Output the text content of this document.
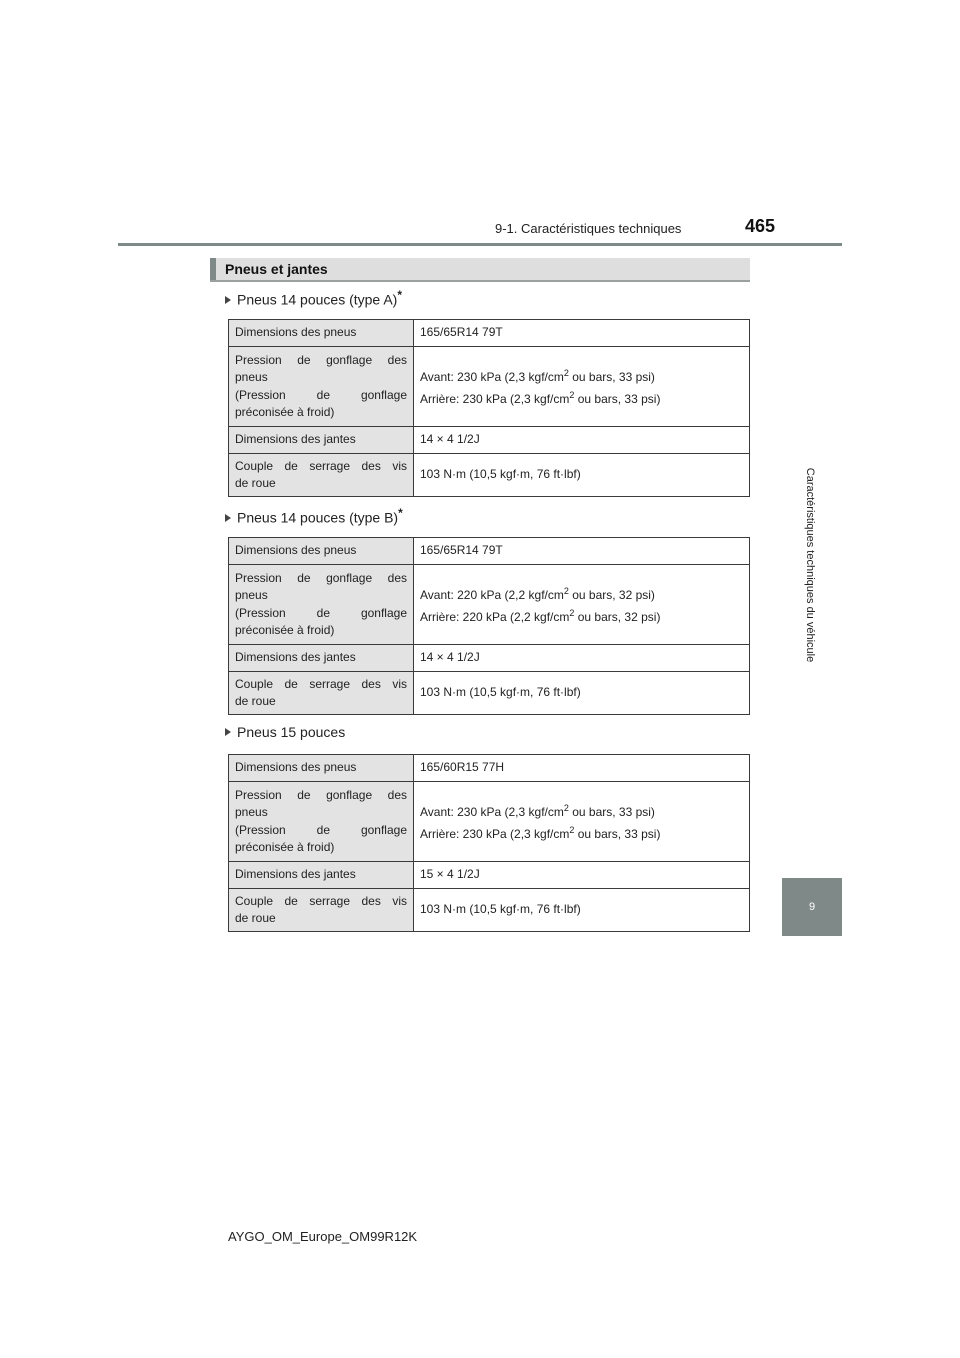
9-1. Caractéristiques techniques	465
Caractéristiques techniques du véhicule
9
Pneus et jantes
Pneus 14 pouces (type A)*
Dimensions des pneus	165/65R14 79T

Pression de gonflage des
pneus
(Pression de gonflage
préconisée à froid)	Avant: 230 kPa (2,3 kgf/$cm^2$ ou bars, 33 psi)
Arrière: 230 kPa (2,3 kgf/$cm^2$ ou bars, 33 psi)

Dimensions des jantes	14 × 4 1/2J

Couple de serrage des vis
de roue	103 N·m (10,5 kgf·m, 76 ft·lbf)
Pneus 14 pouces (type B)*
Dimensions des pneus	165/65R14 79T

Pression de gonflage des
pneus
(Pression de gonflage
préconisée à froid)	Avant: 220 kPa (2,2 kgf/$cm^2$ ou bars, 32 psi)
Arrière: 220 kPa (2,2 kgf/$cm^2$ ou bars, 32 psi)

Dimensions des jantes	14 × 4 1/2J

Couple de serrage des vis
de roue	103 N·m (10,5 kgf·m, 76 ft·lbf)
Pneus 15 pouces
Dimensions des pneus	165/60R15 77H

Pression de gonflage des
pneus
(Pression de gonflage
préconisée à froid)	Avant: 230 kPa (2,3 kgf/$cm^2$ ou bars, 33 psi)
Arrière: 230 kPa (2,3 kgf/$cm^2$ ou bars, 33 psi)

Dimensions des jantes	15 × 4 1/2J

Couple de serrage des vis
de roue	103 N·m (10,5 kgf·m, 76 ft·lbf)
AYGO_OM_Europe_OM99R12K
